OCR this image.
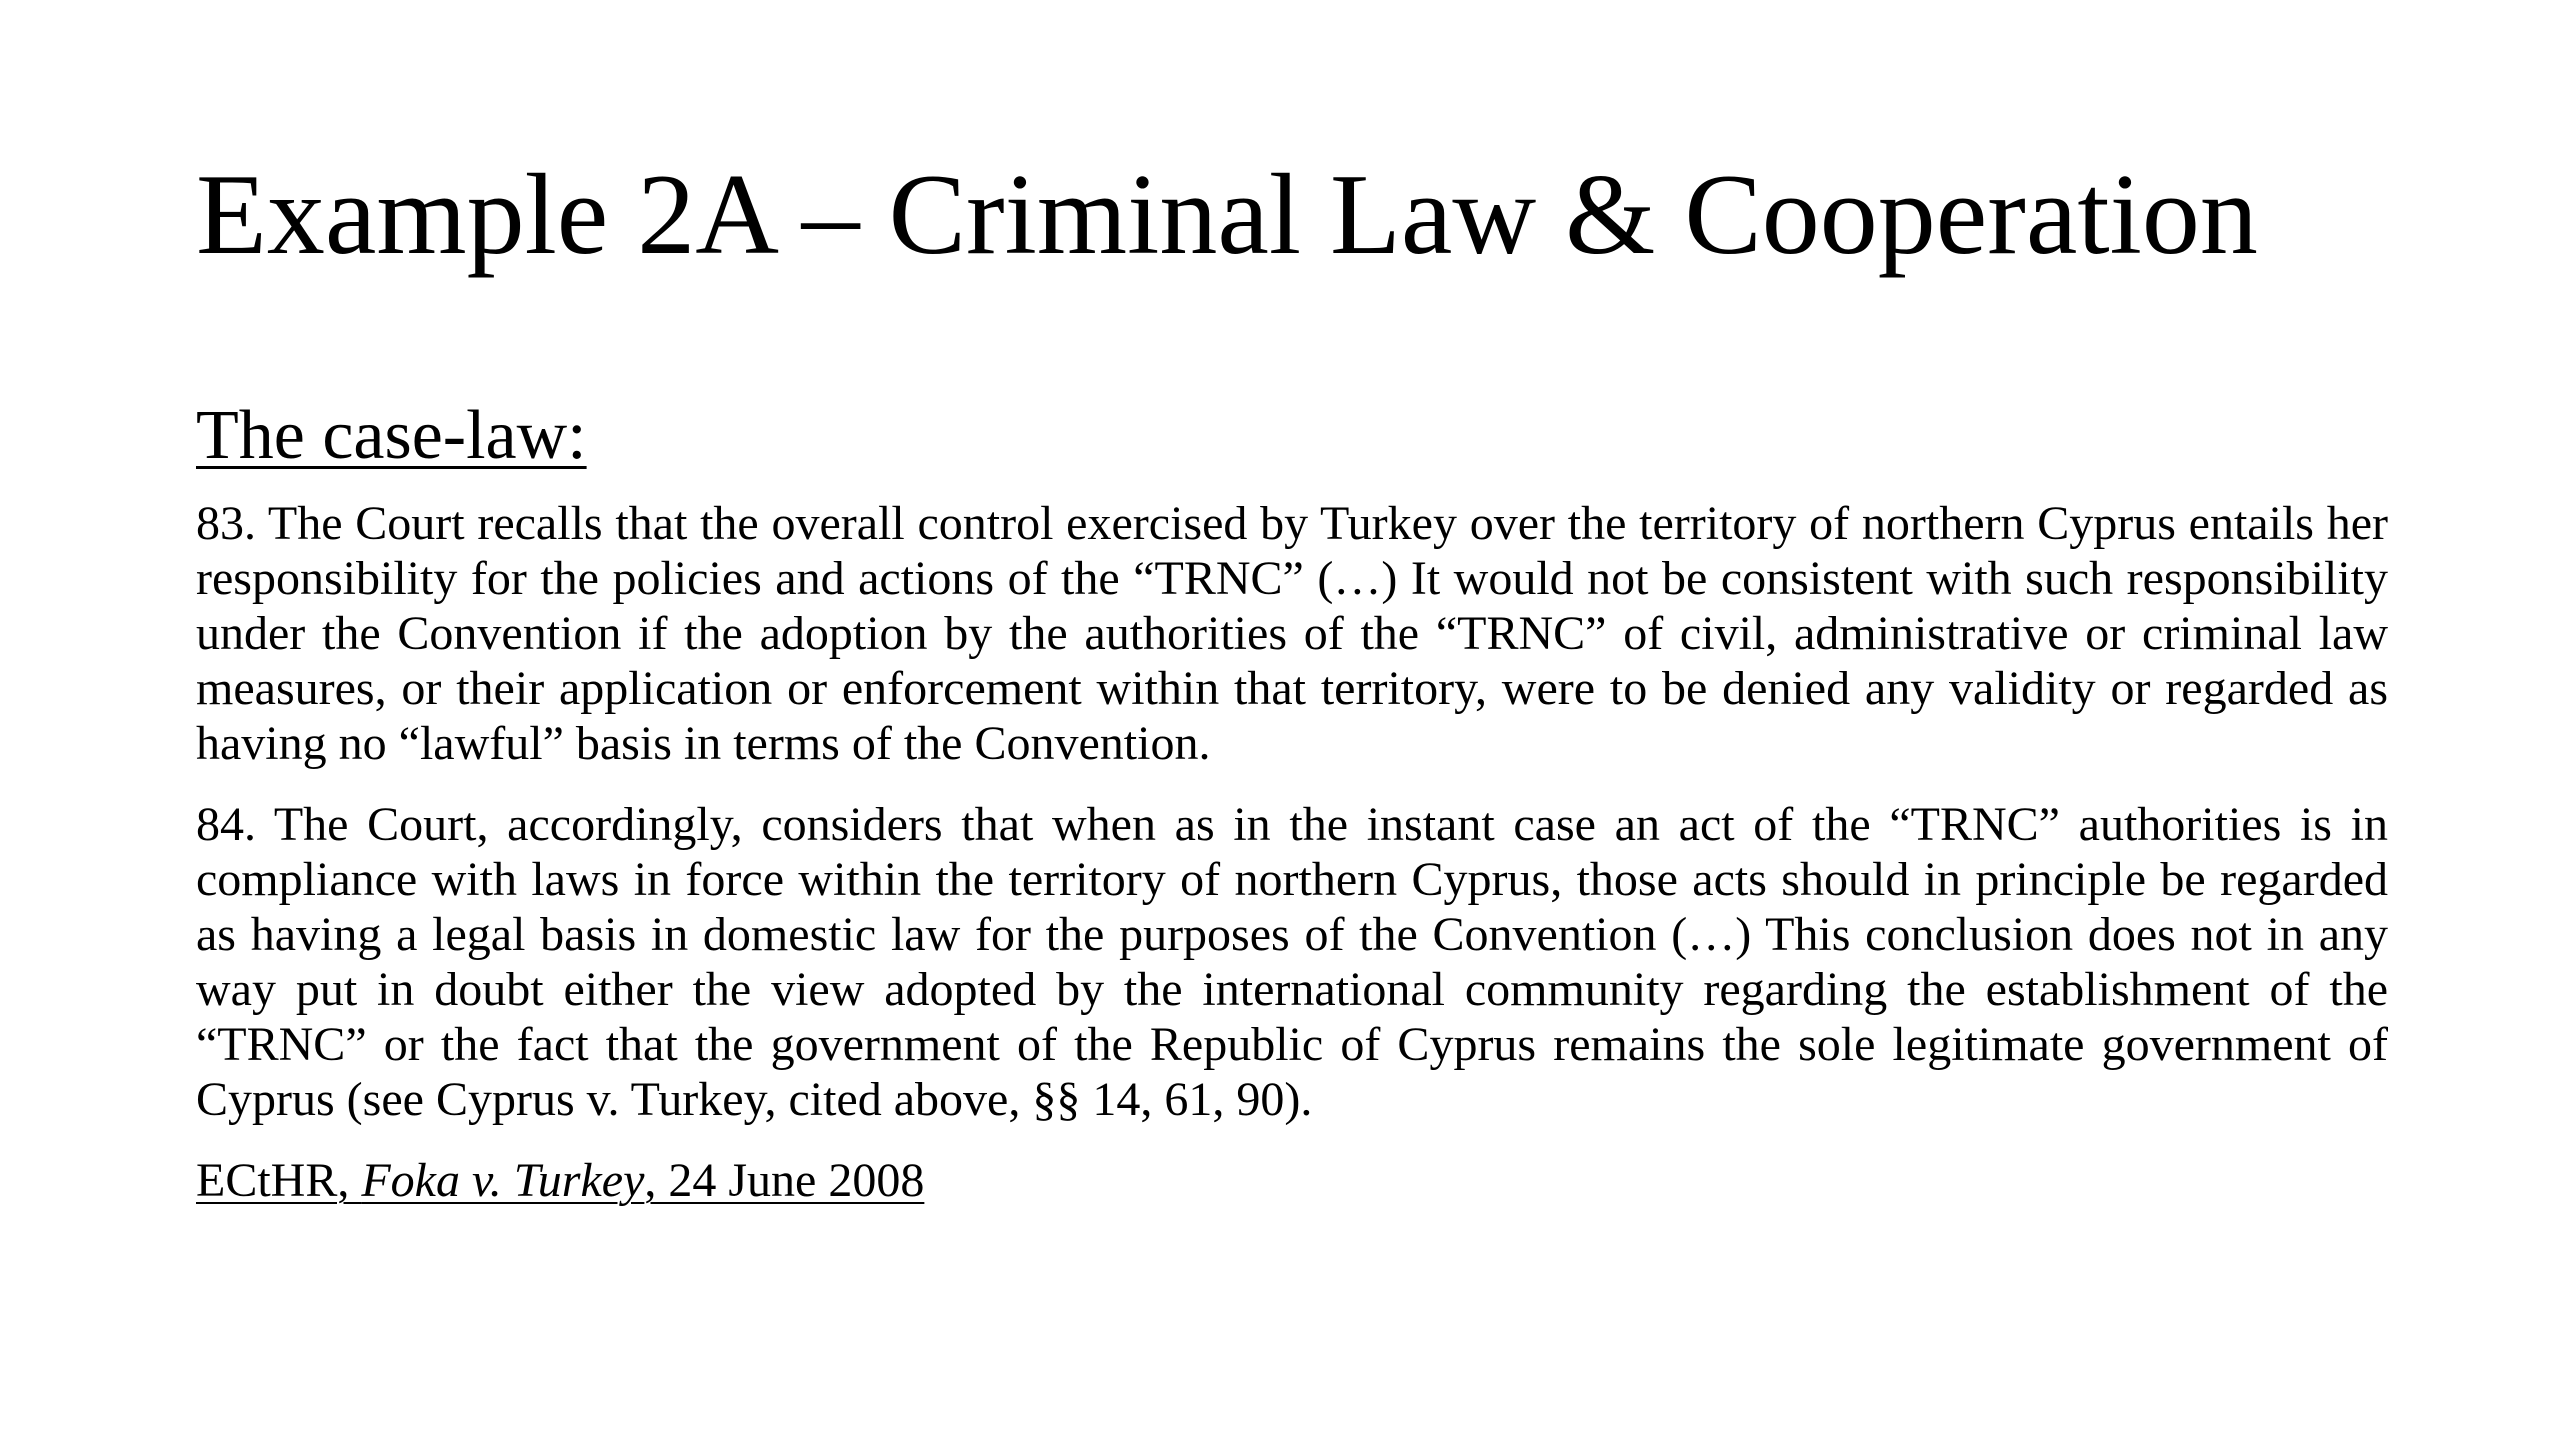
Example 2A – Criminal Law & Cooperation
The case-law:

83. The Court recalls that the overall control exercised by Turkey over the territory of northern Cyprus entails her responsibility for the policies and actions of the “TRNC” (…) It would not be consistent with such responsibility under the Convention if the adoption by the authorities of the “TRNC” of civil, administrative or criminal law measures, or their application or enforcement within that territory, were to be denied any validity or regarded as having no “lawful” basis in terms of the Convention.

84. The Court, accordingly, considers that when as in the instant case an act of the “TRNC” authorities is in compliance with laws in force within the territory of northern Cyprus, those acts should in principle be regarded as having a legal basis in domestic law for the purposes of the Convention (…) This conclusion does not in any way put in doubt either the view adopted by the international community regarding the establishment of the “TRNC” or the fact that the government of the Republic of Cyprus remains the sole legitimate government of Cyprus (see Cyprus v. Turkey, cited above, §§ 14, 61, 90).

ECtHR, Foka v. Turkey, 24 June 2008
